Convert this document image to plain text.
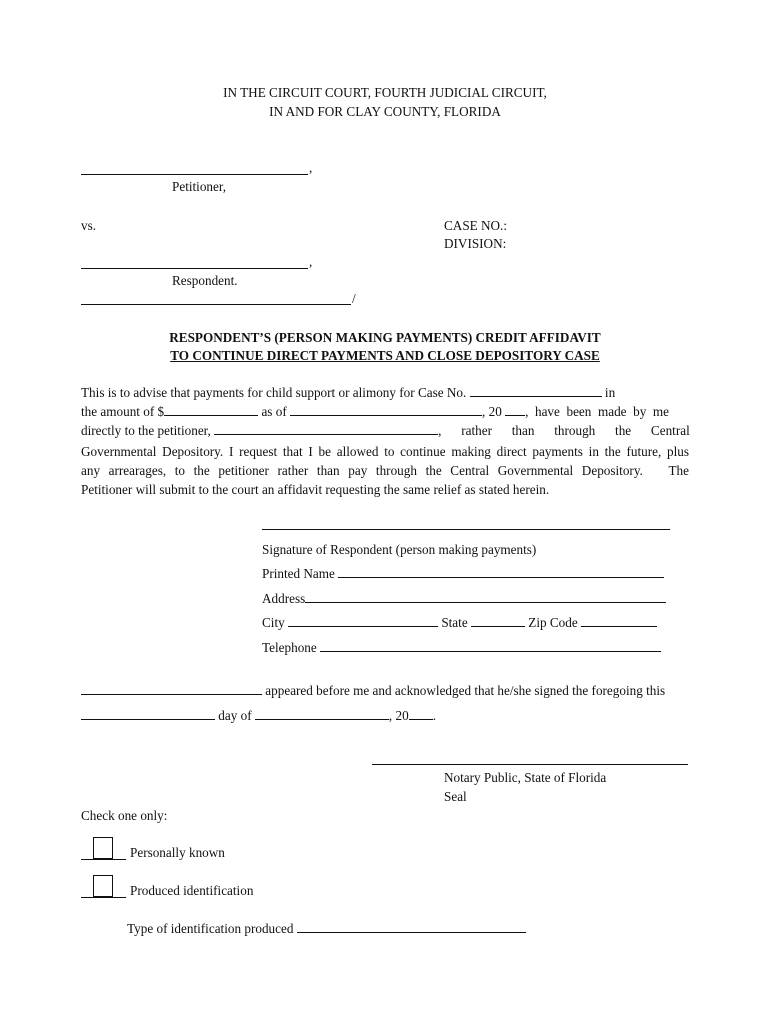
IN THE CIRCUIT COURT, FOURTH JUDICIAL CIRCUIT,
IN AND FOR CLAY COUNTY, FLORIDA
,
Petitioner,
vs.	CASE NO.:
DIVISION:
,
Respondent.
/
RESPONDENT’S (PERSON MAKING PAYMENTS) CREDIT AFFIDAVIT
TO CONTINUE DIRECT PAYMENTS AND CLOSE DEPOSITORY CASE
This is to advise that payments for child support or alimony for Case No.	in
the amount of $	as of	, 20 ,  have  been  made  by  me
directly to the petitioner,	,      rather      than      through      the      Central
Governmental Depository. I request that I be allowed to continue making direct payments in the future, plus
any arrearages, to the petitioner rather than pay through the Central Governmental Depository.   The
Petitioner will submit to the court an affidavit requesting the same relief as stated herein.
Signature of Respondent (person making payments)
Printed Name
Address
City	State	Zip Code
Telephone
appeared before me and acknowledged that he/she signed the foregoing this
day of	, 20 .
Notary Public, State of Florida
Seal
Check one only:
Personally known
Produced identification
Type of identification produced
